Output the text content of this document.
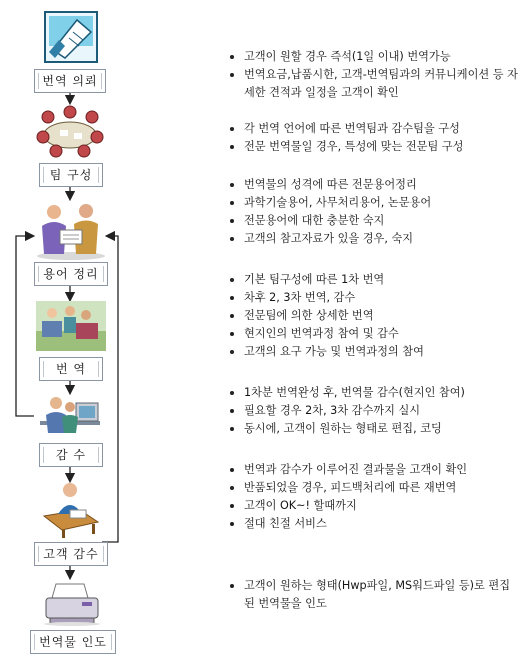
번역 의뢰
팀 구성
용어 정리
번 역
감 수
고객 감수
번역물 인도
고객이 원할 경우 즉석(1일 이내) 번역가능
번역요금,납품시한, 고객-번역팀과의 커뮤니케이션 등 자세한 견적과 일정을 고객이 확인
각 번역 언어에 따른 번역팀과 감수팀을 구성
전문 번역물일 경우, 특성에 맞는 전문팀 구성
번역물의 성격에 따른 전문용어정리
과학기술용어, 사무처리용어, 논문용어
전문용어에 대한 충분한 숙지
고객의 참고자료가 있을 경우, 숙지
기본 팀구성에 따른 1차 번역
차후 2, 3차 번역, 감수
전문팀에 의한 상세한 번역
현지인의 번역과정 참여 및 감수
고객의 요구 가능 및 번역과정의 참여
1차분 번역완성 후, 번역물 감수(현지인 참여)
필요할 경우 2차, 3차 감수까지 실시
동시에, 고객이 원하는 형태로 편집, 코딩
번역과 감수가 이루어진 결과물을 고객이 확인
반품되었을 경우, 피드백처리에 따른 재번역
고객이 OK~! 할때까지
절대 친절 서비스
고객이 원하는 형태(Hwp파일, MS워드파일 등)로 편집된 번역물을 인도
